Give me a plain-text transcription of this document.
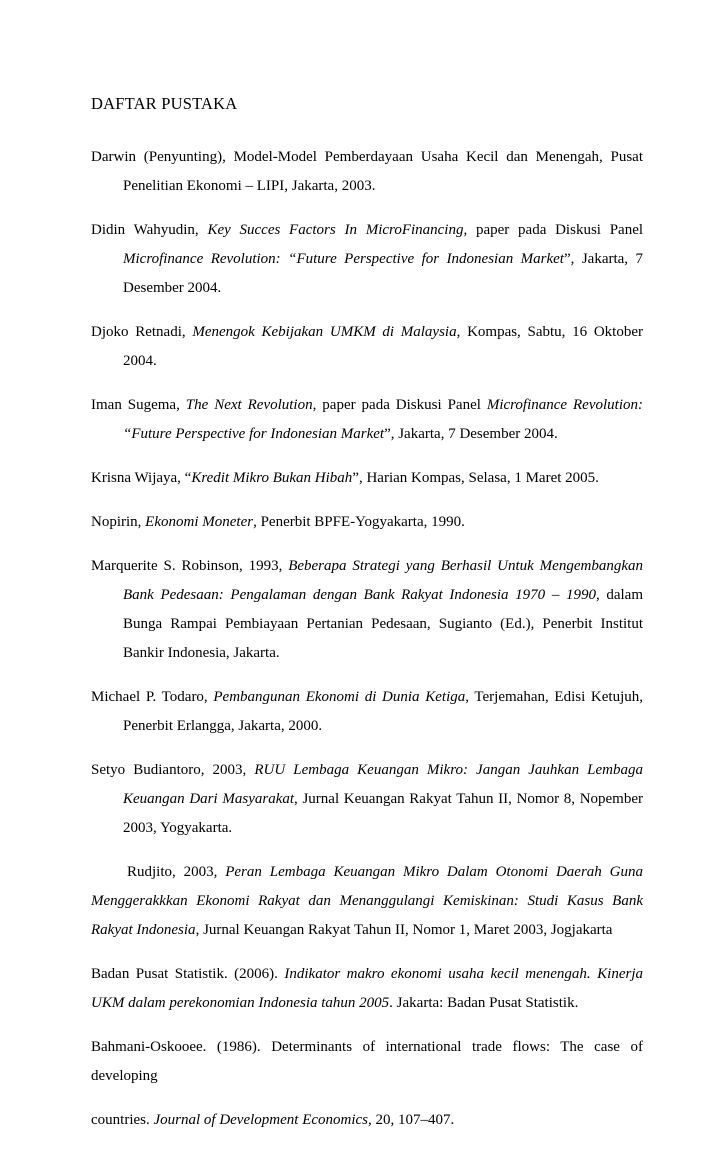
DAFTAR PUSTAKA

Darwin (Penyunting), Model-Model Pemberdayaan Usaha Kecil dan Menengah, Pusat Penelitian Ekonomi – LIPI, Jakarta, 2003.

Didin Wahyudin, Key Succes Factors In MicroFinancing, paper pada Diskusi Panel Microfinance Revolution: “Future Perspective for Indonesian Market”, Jakarta, 7 Desember 2004.

Djoko Retnadi, Menengok Kebijakan UMKM di Malaysia, Kompas, Sabtu, 16 Oktober 2004.

Iman Sugema, The Next Revolution, paper pada Diskusi Panel Microfinance Revolution: “Future Perspective for Indonesian Market”, Jakarta, 7 Desember 2004.

Krisna Wijaya, “Kredit Mikro Bukan Hibah”, Harian Kompas, Selasa, 1 Maret 2005.

Nopirin, Ekonomi Moneter, Penerbit BPFE-Yogyakarta, 1990.

Marquerite S. Robinson, 1993, Beberapa Strategi yang Berhasil Untuk Mengembangkan Bank Pedesaan: Pengalaman dengan Bank Rakyat Indonesia 1970 – 1990, dalam Bunga Rampai Pembiayaan Pertanian Pedesaan, Sugianto (Ed.), Penerbit Institut Bankir Indonesia, Jakarta.

Michael P. Todaro, Pembangunan Ekonomi di Dunia Ketiga, Terjemahan, Edisi Ketujuh, Penerbit Erlangga, Jakarta, 2000.

Setyo Budiantoro, 2003, RUU Lembaga Keuangan Mikro: Jangan Jauhkan Lembaga Keuangan Dari Masyarakat, Jurnal Keuangan Rakyat Tahun II, Nomor 8, Nopember 2003, Yogyakarta.

Rudjito, 2003, Peran Lembaga Keuangan Mikro Dalam Otonomi Daerah Guna Menggerakkkan Ekonomi Rakyat dan Menanggulangi Kemiskinan: Studi Kasus Bank Rakyat Indonesia, Jurnal Keuangan Rakyat Tahun II, Nomor 1, Maret 2003, Jogjakarta

Badan Pusat Statistik. (2006). Indikator makro ekonomi usaha kecil menengah. Kinerja UKM dalam perekonomian Indonesia tahun 2005. Jakarta: Badan Pusat Statistik.

Bahmani-Oskooee. (1986). Determinants of international trade flows: The case of developing

countries. Journal of Development Economics, 20, 107–407.
